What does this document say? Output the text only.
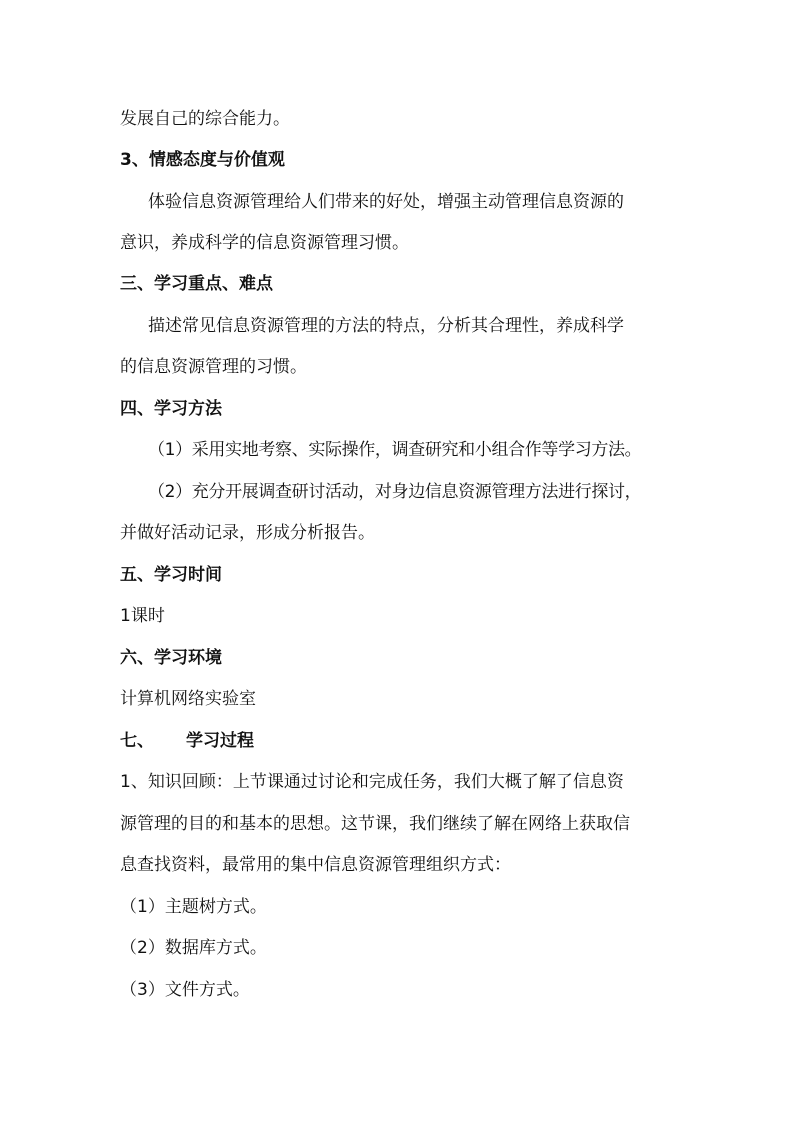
发展自己的综合能力。
3、情感态度与价值观
体验信息资源管理给人们带来的好处，增强主动管理信息资源的
意识，养成科学的信息资源管理习惯。
三、学习重点、难点
描述常见信息资源管理的方法的特点，分析其合理性，养成科学
的信息资源管理的习惯。
四、学习方法
（1）采用实地考察、实际操作，调查研究和小组合作等学习方法。
（2）充分开展调查研讨活动，对身边信息资源管理方法进行探讨，
并做好活动记录，形成分析报告。
五、学习时间
1课时
六、学习环境
计算机网络实验室
七、 学习过程
1、知识回顾：上节课通过讨论和完成任务，我们大概了解了信息资
源管理的目的和基本的思想。这节课，我们继续了解在网络上获取信
息查找资料，最常用的集中信息资源管理组织方式：
（1）主题树方式。
（2）数据库方式。
（3）文件方式。
